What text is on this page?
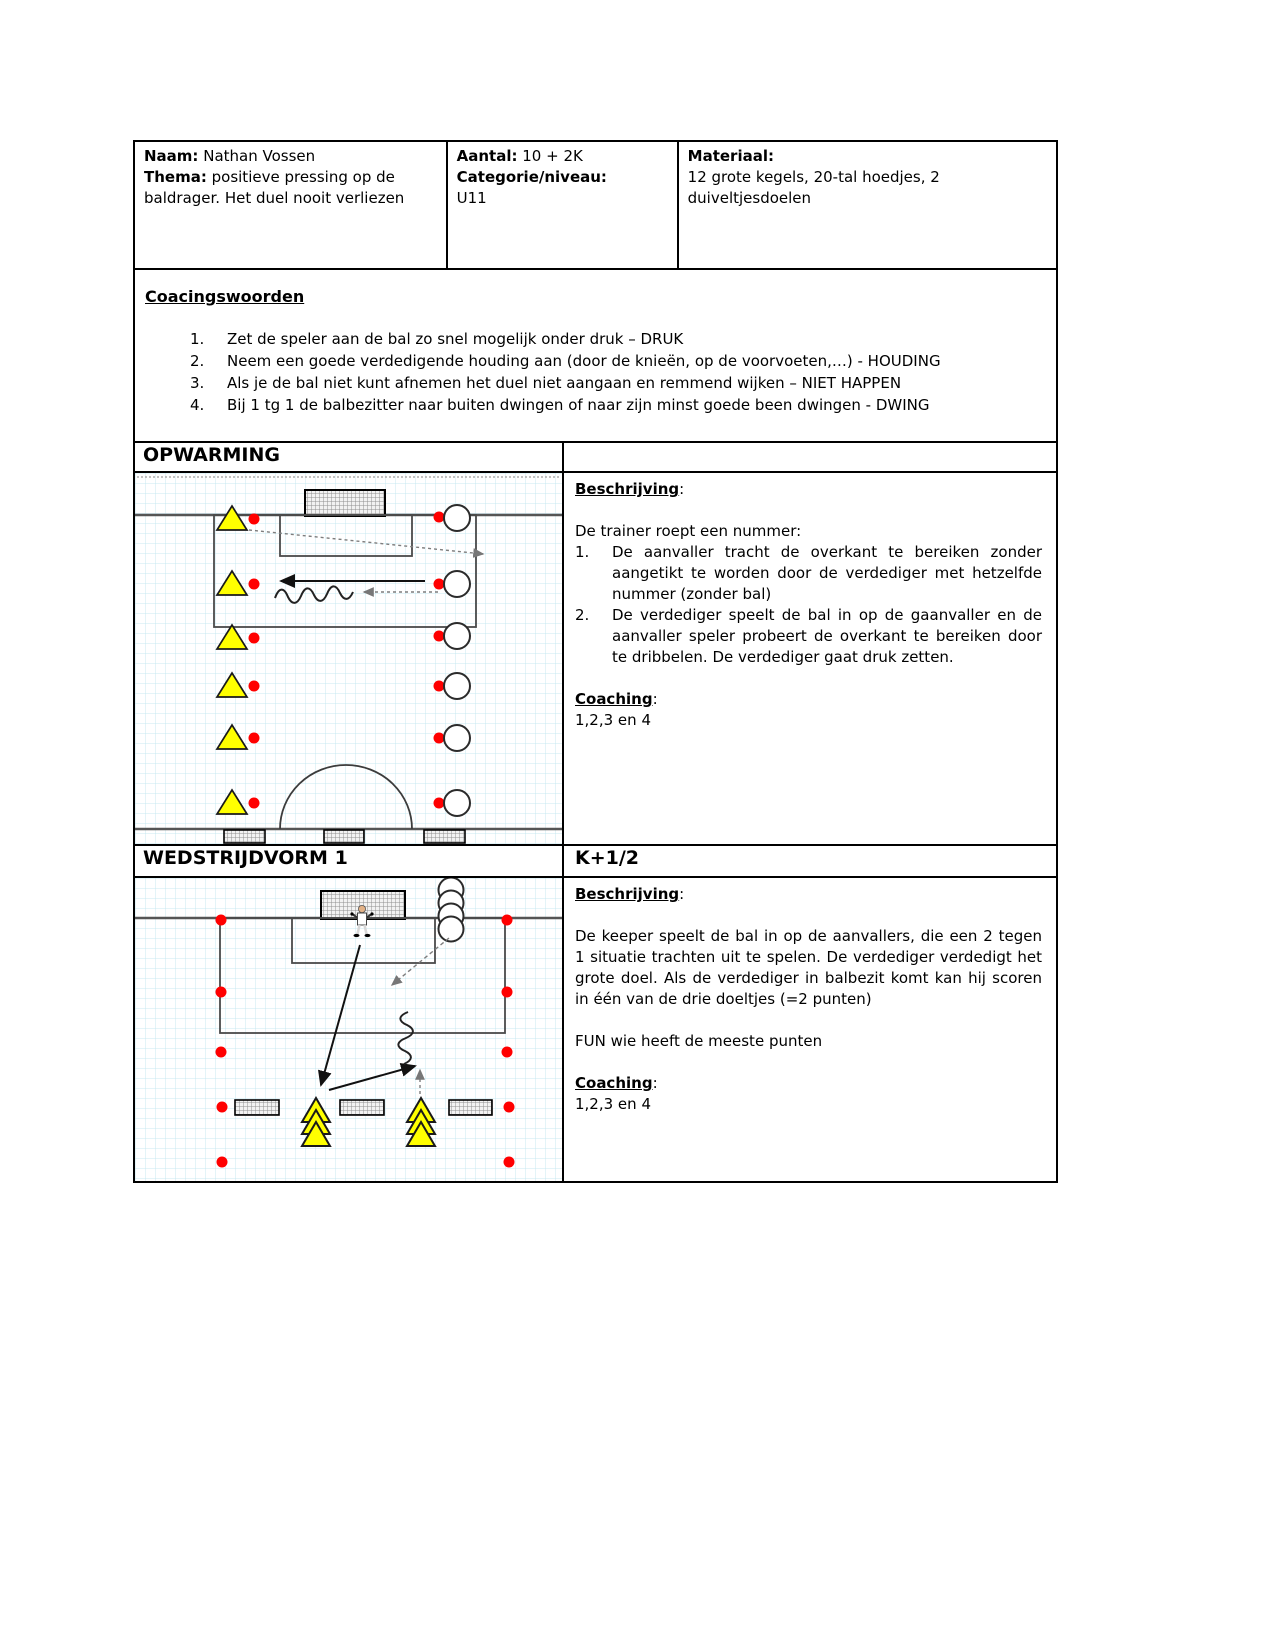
Naam: Nathan Vossen
Thema: positieve pressing op de baldrager. Het duel nooit verliezen
Aantal: 10 + 2K
Categorie/niveau:
U11
Materiaal:
12 grote kegels, 20-tal hoedjes, 2 duiveltjesdoelen
Coacingswoorden
1.	Zet de speler aan de bal zo snel mogelijk onder druk – DRUK
2.	Neem een goede verdedigende houding aan (door de knieën, op de voorvoeten,…) - HOUDING
3.	Als je de bal niet kunt afnemen het duel niet aangaan en remmend wijken – NIET HAPPEN
4.	Bij 1 tg 1 de balbezitter naar buiten dwingen of naar zijn minst goede been dwingen - DWING
OPWARMING
Beschrijving:
De trainer roept een nummer:
1.	De aanvaller tracht de overkant te bereiken zonder aangetikt te worden door de verdediger met hetzelfde nummer (zonder bal)
2.	De verdediger speelt de bal in op de gaanvaller en de aanvaller speler probeert de overkant te bereiken door te dribbelen. De verdediger gaat druk zetten.
Coaching:
1,2,3 en 4
WEDSTRIJDVORM 1	K+1/2
Beschrijving:
De keeper speelt de bal in op de aanvallers, die een 2 tegen 1 situatie trachten uit te spelen. De verdediger verdedigt het grote doel. Als de verdediger in balbezit komt kan hij scoren in één van de drie doeltjes (=2 punten)
FUN wie heeft de meeste punten
Coaching:
1,2,3 en 4
